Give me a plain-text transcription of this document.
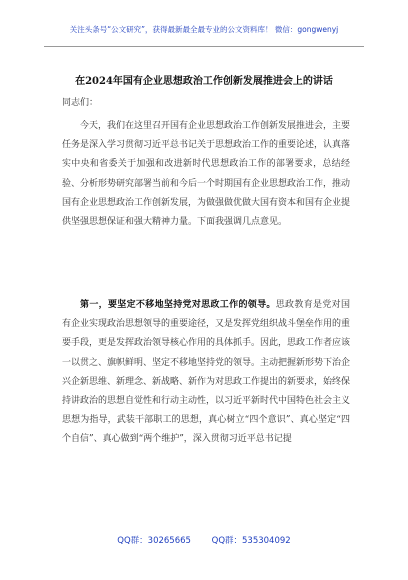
关注头条号“公文研究”，获得最新最全最专业的公文资料库！ 微信：gongwenyj
在2024年国有企业思想政治工作创新发展推进会上的讲话
同志们：

今天，我们在这里召开国有企业思想政治工作创新发展推进会，主要任务是深入学习贯彻习近平总书记关于思想政治工作的重要论述，认真落实中央和省委关于加强和改进新时代思想政治工作的部署要求，总结经验、分析形势研究部署当前和今后一个时期国有企业思想政治工作，推动国有企业思想政治工作创新发展，为做强做优做大国有资本和国有企业提供坚强思想保证和强大精神力量。下面我强调几点意见。

第一，要坚定不移地坚持党对思政工作的领导。思政教育是党对国有企业实现政治思想领导的重要途径，又是发挥党组织战斗堡垒作用的重要手段，更是发挥政治领导核心作用的具体抓手。因此，思政工作者应该一以贯之、旗帜鲜明、坚定不移地坚持党的领导。主动把握新形势下治企兴企新思维、新理念、新战略、新作为对思政工作提出的新要求，始终保持讲政治的思想自觉性和行动主动性，以习近平新时代中国特色社会主义思想为指导，武装干部职工的思想，真心树立“四个意识”、真心坚定“四个自信”、真心做到“两个维护”，深入贯彻习近平总书记提

QQ群：30265665 QQ群：535304092
